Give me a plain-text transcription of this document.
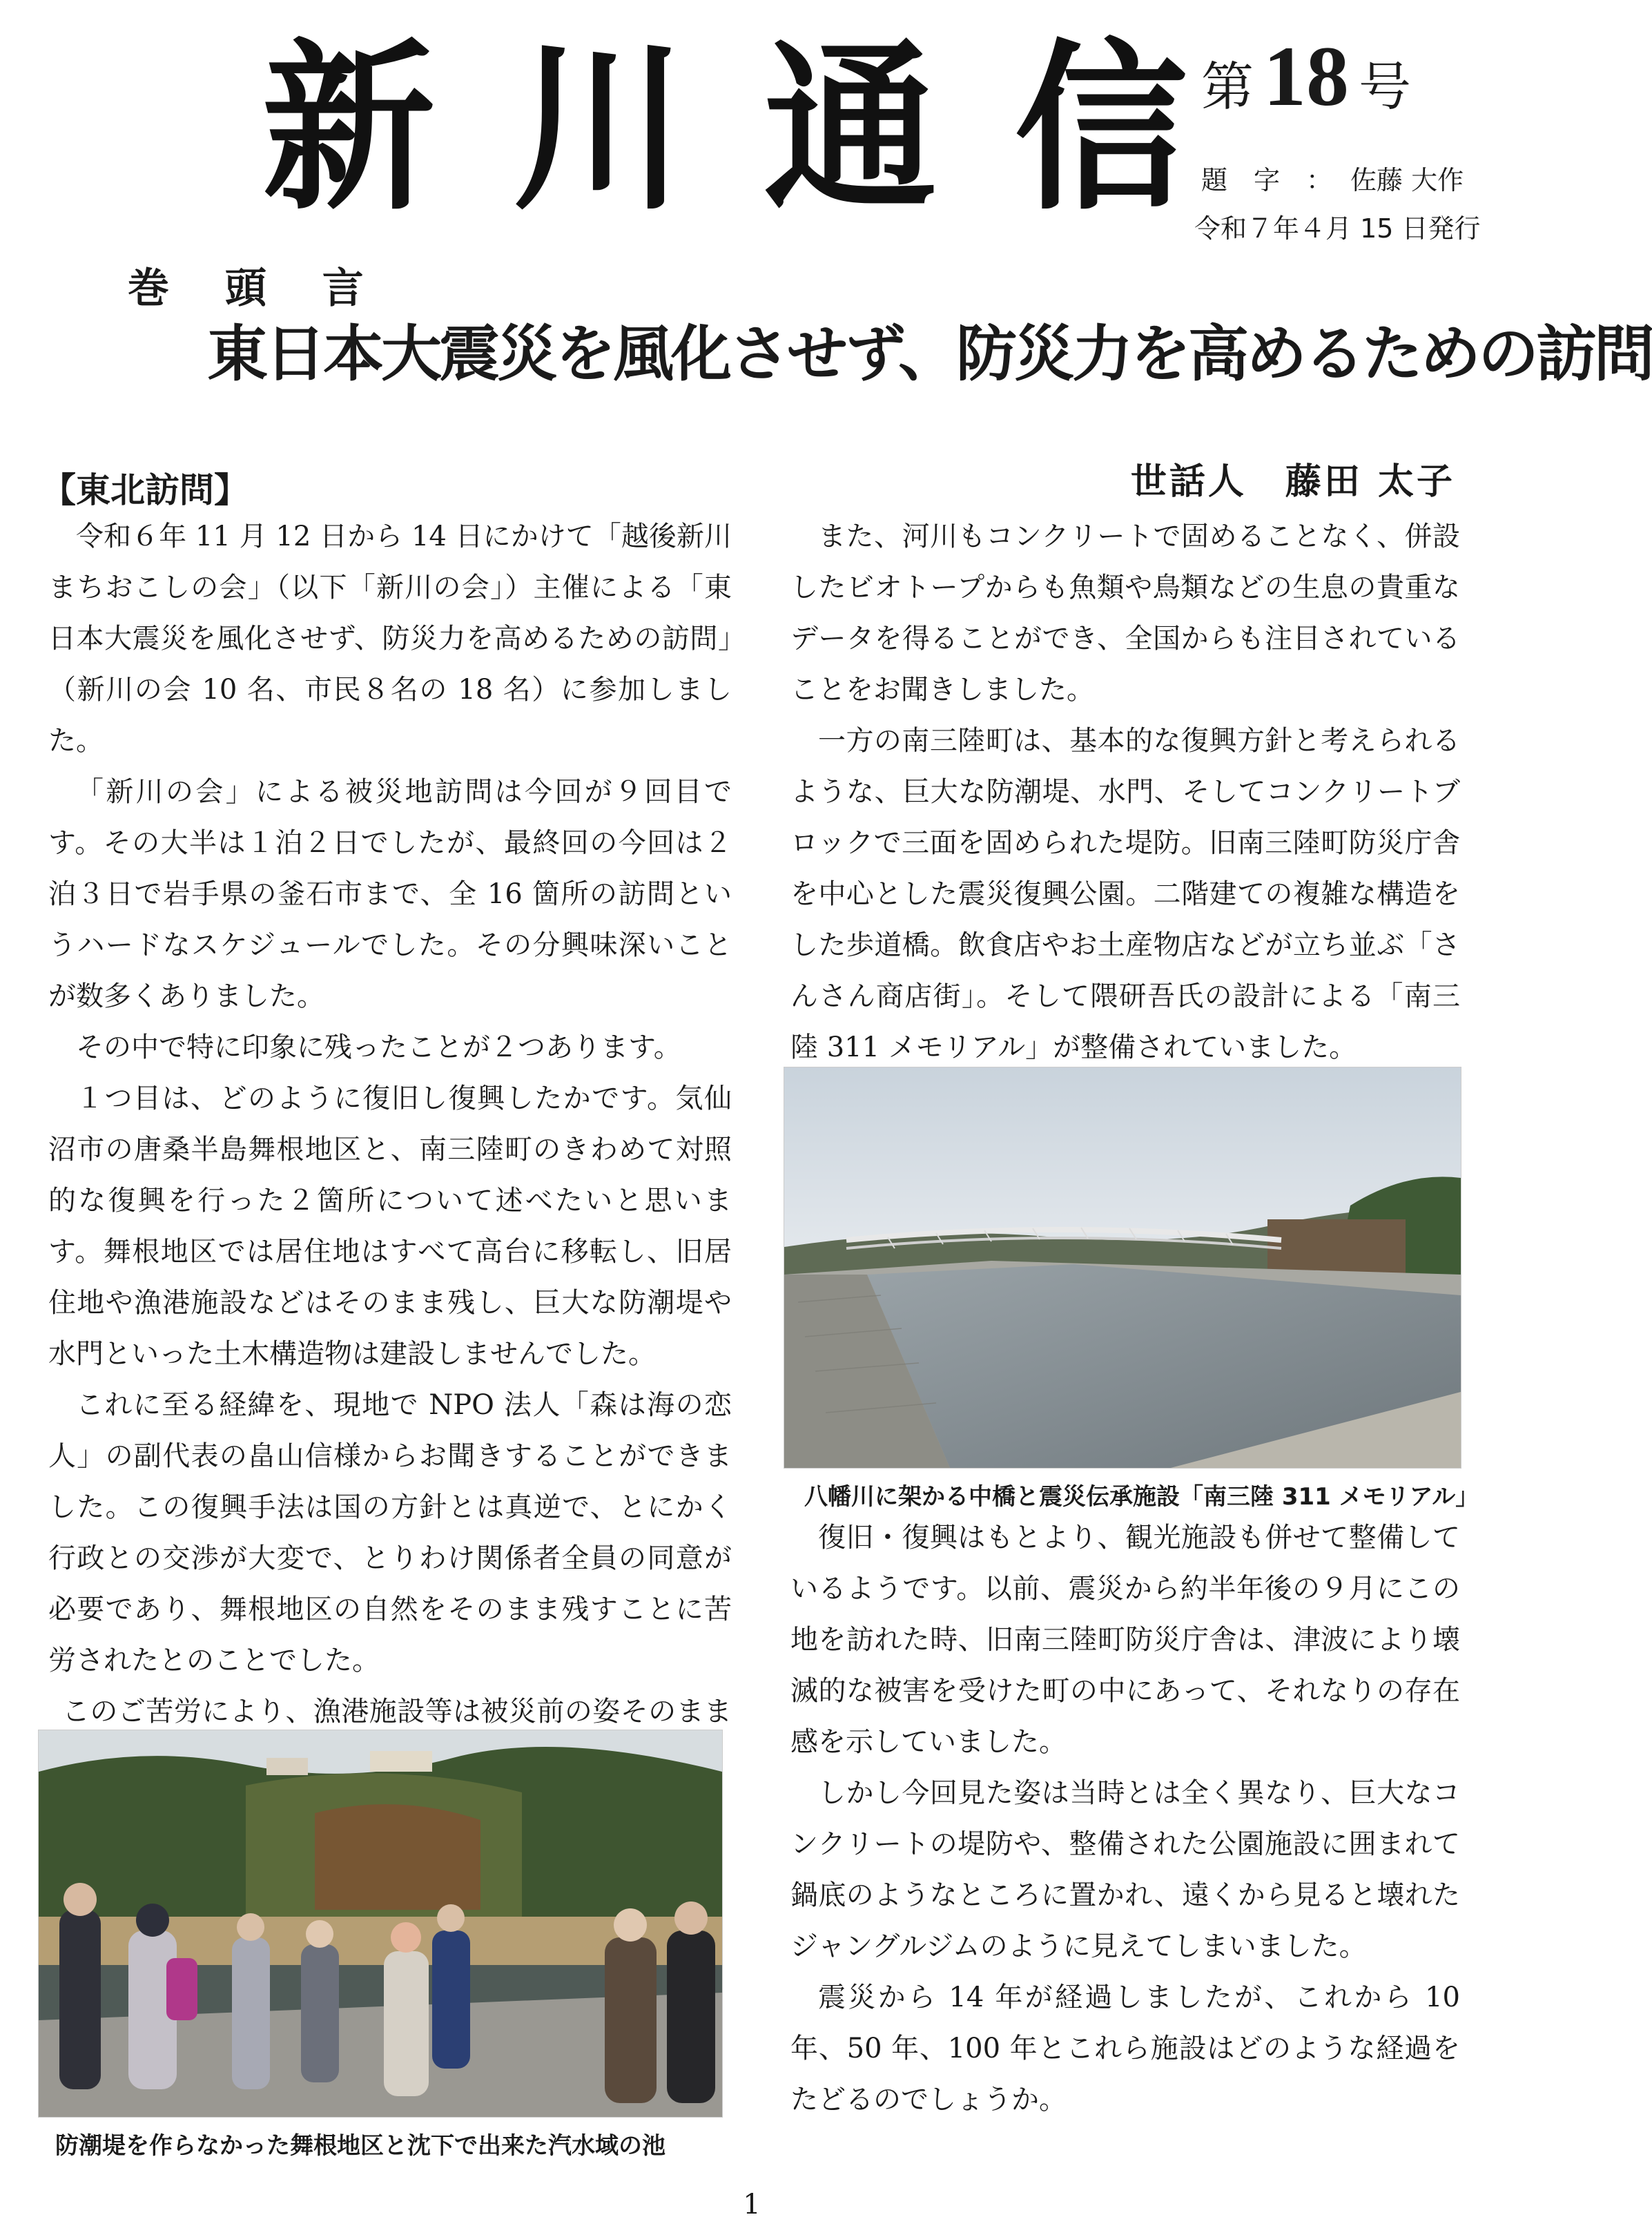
新 川 通 信 第 18 号
題　字　： 佐藤 大作
令和７年４月 15 日発行
巻 頭 言
東日本大震災を風化させず、防災力を高めるための訪問
【東北訪問】	世話人　藤田 太子

令和６年 11 月 12 日から 14 日にかけて「越後新川まちおこしの会」（以下「新川の会」）主催による「東日本大震災を風化させず、防災力を高めるための訪問」（新川の会 10 名、市民８名の 18 名）に参加しました。

「新川の会」による被災地訪問は今回が９回目です。その大半は１泊２日でしたが、最終回の今回は２泊３日で岩手県の釜石市まで、全 16 箇所の訪問というハードなスケジュールでした。その分興味深いことが数多くありました。

その中で特に印象に残ったことが２つあります。

１つ目は、どのように復旧し復興したかです。気仙沼市の唐桑半島舞根地区と、南三陸町のきわめて対照的な復興を行った２箇所について述べたいと思います。舞根地区では居住地はすべて高台に移転し、旧居住地や漁港施設などはそのまま残し、巨大な防潮堤や水門といった土木構造物は建設しませんでした。

これに至る経緯を、現地で NPO 法人「森は海の恋人」の副代表の畠山信様からお聞きすることができました。この復興手法は国の方針とは真逆で、とにかく行政との交渉が大変で、とりわけ関係者全員の同意が必要であり、舞根地区の自然をそのまま残すことに苦労されたとのことでした。

このご苦労により、漁港施設等は被災前の姿そのまま

また、河川もコンクリートで固めることなく、併設したビオトープからも魚類や鳥類などの生息の貴重なデータを得ることができ、全国からも注目されていることをお聞きしました。

一方の南三陸町は、基本的な復興方針と考えられるような、巨大な防潮堤、水門、そしてコンクリートブロックで三面を固められた堤防。旧南三陸町防災庁舎を中心とした震災復興公園。二階建ての複雑な構造をした歩道橋。飲食店やお土産物店などが立ち並ぶ「さんさん商店街」。そして隈研吾氏の設計による「南三陸 311 メモリアル」が整備されていました。

八幡川に架かる中橋と震災伝承施設「南三陸 311 メモリアル」

復旧・復興はもとより、観光施設も併せて整備しているようです。以前、震災から約半年後の９月にこの地を訪れた時、旧南三陸町防災庁舎は、津波により壊滅的な被害を受けた町の中にあって、それなりの存在感を示していました。

しかし今回見た姿は当時とは全く異なり、巨大なコンクリートの堤防や、整備された公園施設に囲まれて鍋底のようなところに置かれ、遠くから見ると壊れたジャングルジムのように見えてしまいました。

震災から 14 年が経過しましたが、これから 10 年、50 年、100 年とこれら施設はどのような経過をたどるのでしょうか。

防潮堤を作らなかった舞根地区と沈下で出来た汽水域の池
1
